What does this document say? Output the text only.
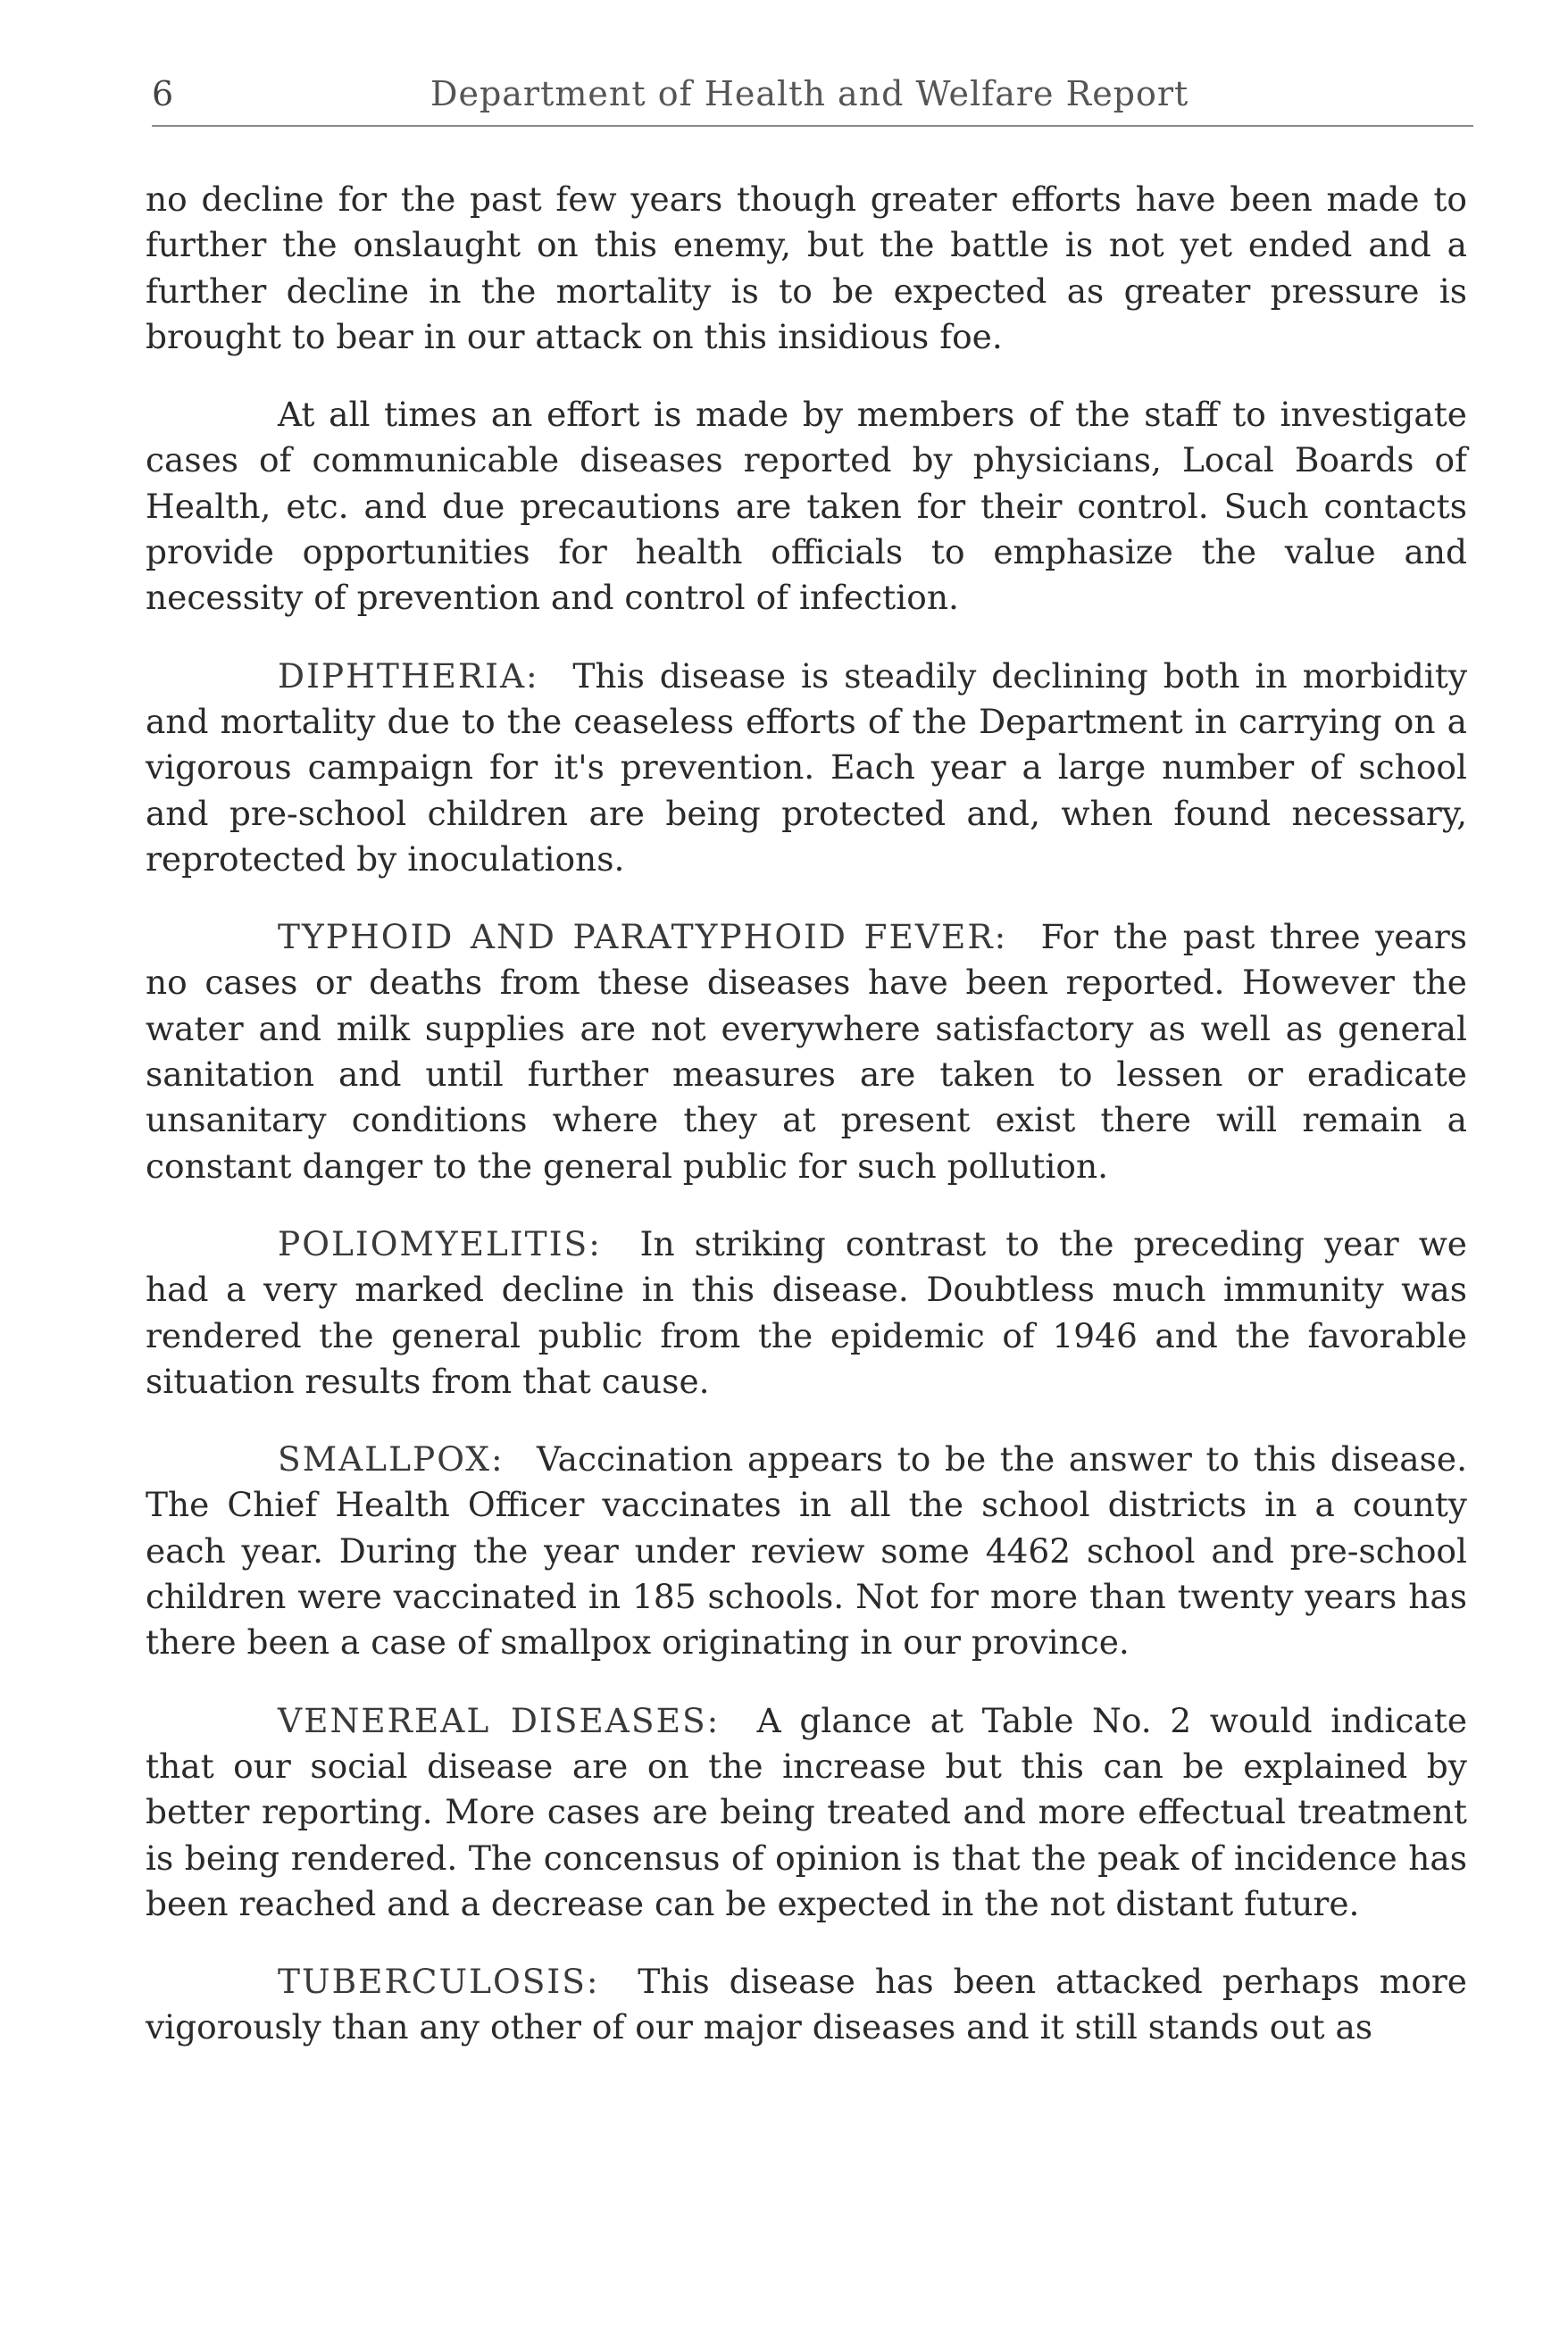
6	Department of Health and Welfare Report

no decline for the past few years though greater efforts have been made to further the onslaught on this enemy, but the battle is not yet ended and a further decline in the mortality is to be expected as greater pressure is brought to bear in our attack on this insidious foe.

At all times an effort is made by members of the staff to investigate cases of communicable diseases reported by physicians, Local Boards of Health, etc. and due precautions are taken for their control. Such contacts provide opportunities for health officials to emphasize the value and necessity of prevention and control of infection.

DIPHTHERIA:  This disease is steadily declining both in morbidity and mortality due to the ceaseless efforts of the Department in carrying on a vigorous campaign for it's prevention. Each year a large number of school and pre-school children are being protected and, when found necessary, reprotected by inoculations.

TYPHOID AND PARATYPHOID FEVER:  For the past three years no cases or deaths from these diseases have been reported. However the water and milk supplies are not everywhere satisfactory as well as general sanitation and until further measures are taken to lessen or eradicate unsanitary conditions where they at present exist there will remain a constant danger to the general public for such pollution.

POLIOMYELITIS:  In striking contrast to the preceding year we had a very marked decline in this disease. Doubtless much immunity was rendered the general public from the epidemic of 1946 and the favorable situation results from that cause.

SMALLPOX:  Vaccination appears to be the answer to this disease. The Chief Health Officer vaccinates in all the school districts in a county each year. During the year under review some 4462 school and pre-school children were vaccinated in 185 schools. Not for more than twenty years has there been a case of smallpox originating in our province.

VENEREAL DISEASES:  A glance at Table No. 2 would indicate that our social disease are on the increase but this can be explained by better reporting. More cases are being treated and more effectual treatment is being rendered. The concensus of opinion is that the peak of incidence has been reached and a decrease can be expected in the not distant future.

TUBERCULOSIS:  This disease has been attacked perhaps more vigorously than any other of our major diseases and it still stands out as
